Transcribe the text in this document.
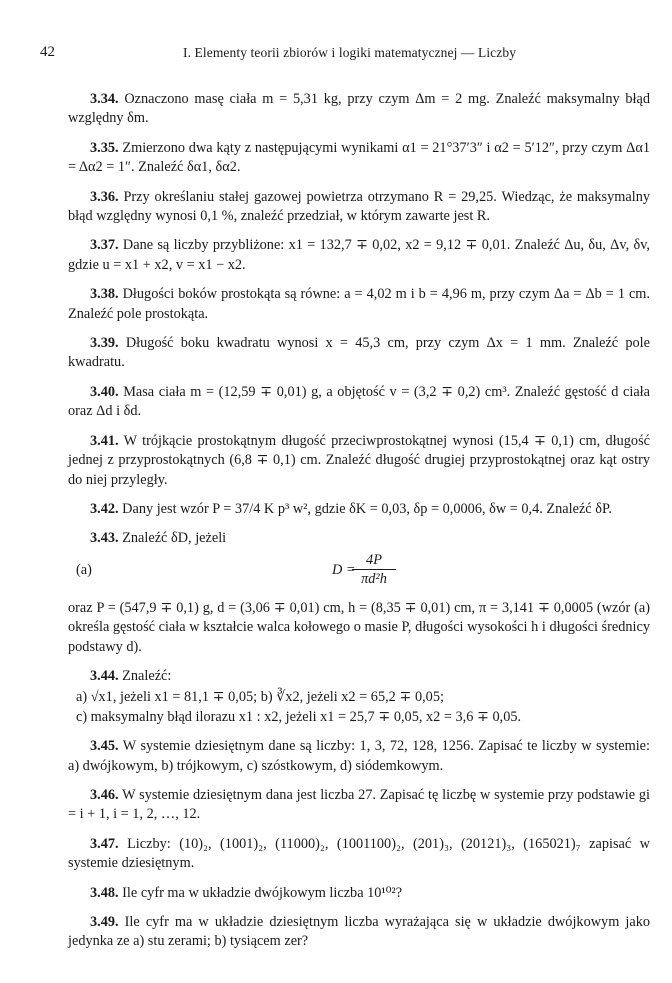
42	I. Elementy teorii zbiorów i logiki matematycznej — Liczby

3.34. Oznaczono masę ciała m = 5,31 kg, przy czym Δm = 2 mg. Znaleźć maksymalny błąd względny δm.

3.35. Zmierzono dwa kąty z następującymi wynikami α1 = 21°37′3″ i α2 = 5′12″, przy czym Δα1 = Δα2 = 1″. Znaleźć δα1, δα2.

3.36. Przy określaniu stałej gazowej powietrza otrzymano R = 29,25. Wiedząc, że maksymalny błąd względny wynosi 0,1 %, znaleźć przedział, w którym zawarte jest R.

3.37. Dane są liczby przybliżone: x1 = 132,7 ∓ 0,02, x2 = 9,12 ∓ 0,01. Znaleźć Δu, δu, Δv, δv, gdzie u = x1 + x2, v = x1 − x2.

3.38. Długości boków prostokąta są równe: a = 4,02 m i b = 4,96 m, przy czym Δa = Δb = 1 cm. Znaleźć pole prostokąta.

3.39. Długość boku kwadratu wynosi x = 45,3 cm, przy czym Δx = 1 mm. Znaleźć pole kwadratu.

3.40. Masa ciała m = (12,59 ∓ 0,01) g, a objętość v = (3,2 ∓ 0,2) cm³. Znaleźć gęstość d ciała oraz Δd i δd.

3.41. W trójkącie prostokątnym długość przeciwprostokątnej wynosi (15,4 ∓ 0,1) cm, długość jednej z przyprostokątnych (6,8 ∓ 0,1) cm. Znaleźć długość drugiej przyprostokątnej oraz kąt ostry do niej przyległy.

3.42. Dany jest wzór P = 37/4 K p³ w², gdzie δK = 0,03, δp = 0,0006, δw = 0,4. Znaleźć δP.

3.43. Znaleźć δD, jeżeli

(a)	D =
$\frac{4P}{\text{πd²h}}$

oraz P = (547,9 ∓ 0,1) g, d = (3,06 ∓ 0,01) cm, h = (8,35 ∓ 0,01) cm, π = 3,141 ∓ 0,0005 (wzór (a) określa gęstość ciała w kształcie walca kołowego o masie P, długości wysokości h i długości średnicy podstawy d).

3.44. Znaleźć:

a) √x1, jeżeli x1 = 81,1 ∓ 0,05; b) ∛x2, jeżeli x2 = 65,2 ∓ 0,05;
c) maksymalny błąd ilorazu x1 : x2, jeżeli x1 = 25,7 ∓ 0,05, x2 = 3,6 ∓ 0,05.

3.45. W systemie dziesiętnym dane są liczby: 1, 3, 72, 128, 1256. Zapisać te liczby w systemie: a) dwójkowym, b) trójkowym, c) szóstkowym, d) siódemkowym.

3.46. W systemie dziesiętnym dana jest liczba 27. Zapisać tę liczbę w systemie przy podstawie gi = i + 1, i = 1, 2, …, 12.

3.47. Liczby: (10)₂, (1001)₂, (11000)₂, (1001100)₂, (201)₃, (20121)₃, (165021)₇ zapisać w systemie dziesiętnym.

3.48. Ile cyfr ma w układzie dwójkowym liczba 10¹⁰²?

3.49. Ile cyfr ma w układzie dziesiętnym liczba wyrażająca się w układzie dwójkowym jako jedynka ze a) stu zerami; b) tysiącem zer?
